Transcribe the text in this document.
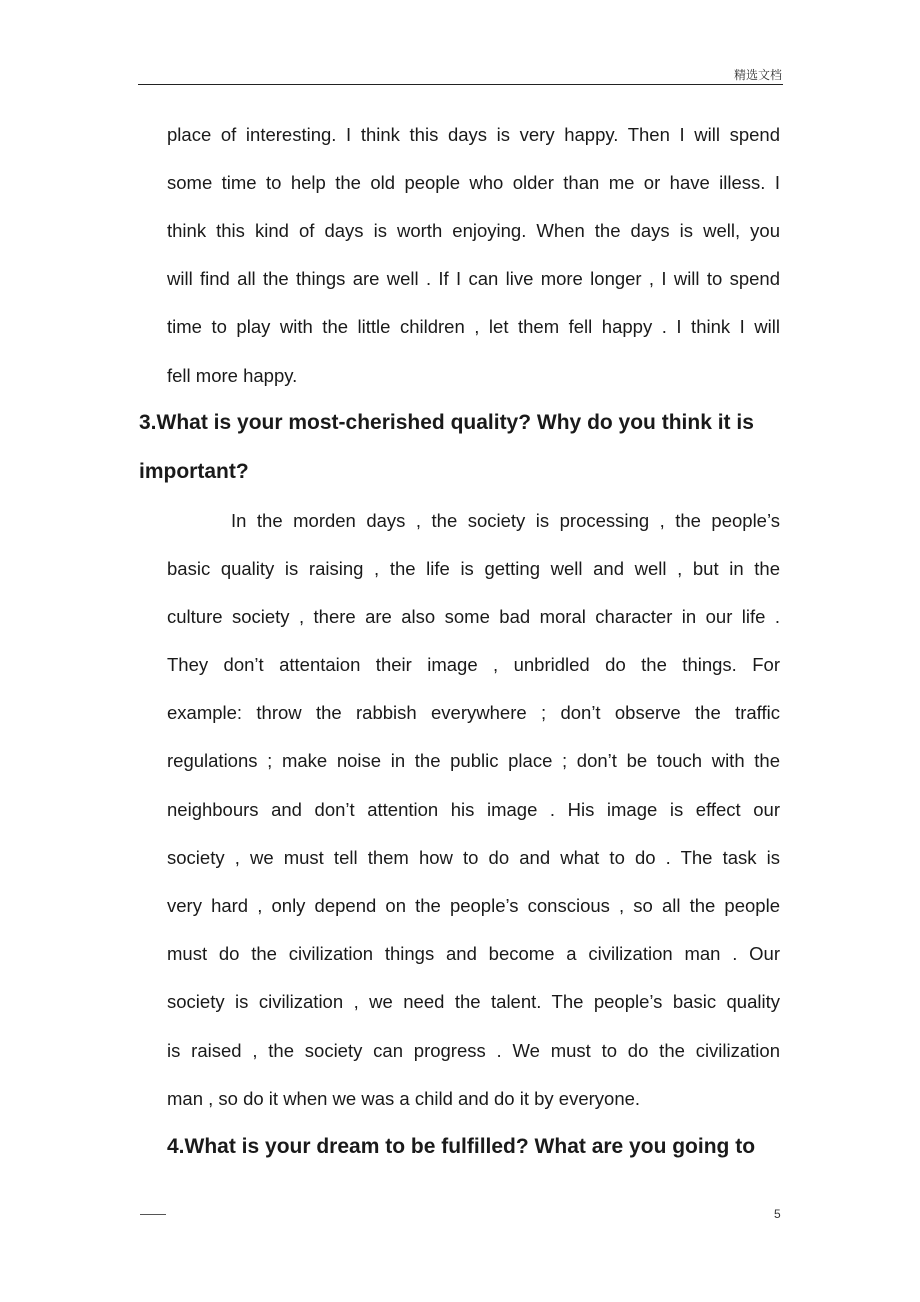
精选文档
place of interesting. I think this days is very happy. Then I will spend
some time to help the old people who older than me or have illess. I
think this kind of days is worth enjoying. When the days is well, you
will find all the things are well . If I can live more longer , I will to spend
time to play with the little children , let them fell happy . I think I will
fell more happy.
3.What is your most-cherished quality? Why do you think it is
important?
In the morden days , the society is processing , the people’s
basic quality is raising , the life is getting well and well , but in the
culture society , there are also some bad moral character in our life .
They don’t attentaion their image , unbridled do the things. For
example: throw the rabbish everywhere ; don’t observe the traffic
regulations ; make noise in the public place ; don’t be touch with the
neighbours and don’t attention his image . His image is effect our
society , we must tell them how to do and what to do . The task is
very hard , only depend on the people’s conscious , so all the people
must do the civilization things and become a civilization man . Our
society is civilization , we need the talent. The people’s basic quality
is raised , the society can progress . We must to do the civilization
man , so do it when we was a child and do it by everyone.
4.What is your dream to be fulfilled? What are you going to
5
